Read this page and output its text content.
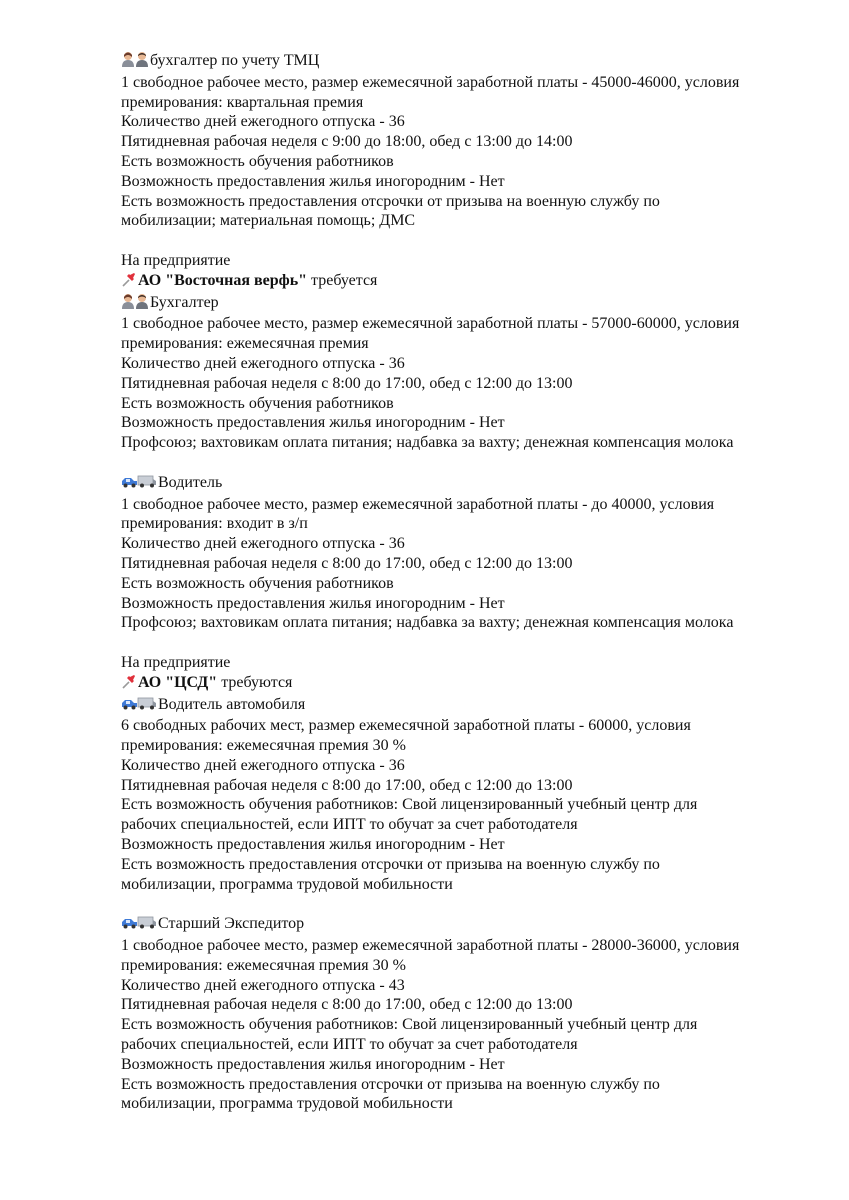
бухгалтер по учету ТМЦ
1 свободное рабочее место, размер ежемесячной заработной платы - 45000-46000, условия
премирования: квартальная премия
Количество дней ежегодного отпуска - 36
Пятидневная рабочая неделя с 9:00 до 18:00, обед с 13:00 до 14:00
Есть возможность обучения работников
Возможность предоставления жилья иногородним - Нет
Есть возможность предоставления отсрочки от призыва на военную службу по
мобилизации; материальная помощь; ДМС
На предприятие
АО "Восточная верфь" требуется
Бухгалтер
1 свободное рабочее место, размер ежемесячной заработной платы - 57000-60000, условия
премирования: ежемесячная премия
Количество дней ежегодного отпуска - 36
Пятидневная рабочая неделя с 8:00 до 17:00, обед с 12:00 до 13:00
Есть возможность обучения работников
Возможность предоставления жилья иногородним - Нет
Профсоюз; вахтовикам оплата питания; надбавка за вахту; денежная компенсация молока
Водитель
1 свободное рабочее место, размер ежемесячной заработной платы - до 40000, условия
премирования: входит в з/п
Количество дней ежегодного отпуска - 36
Пятидневная рабочая неделя с 8:00 до 17:00, обед с 12:00 до 13:00
Есть возможность обучения работников
Возможность предоставления жилья иногородним - Нет
Профсоюз; вахтовикам оплата питания; надбавка за вахту; денежная компенсация молока
На предприятие
АО "ЦСД" требуются
Водитель автомобиля
6 свободных рабочих мест, размер ежемесячной заработной платы - 60000, условия
премирования: ежемесячная премия 30 %
Количество дней ежегодного отпуска - 36
Пятидневная рабочая неделя с 8:00 до 17:00, обед с 12:00 до 13:00
Есть возможность обучения работников: Свой лицензированный учебный центр для
рабочих специальностей, если ИПТ то обучат за счет работодателя
Возможность предоставления жилья иногородним - Нет
Есть возможность предоставления отсрочки от призыва на военную службу по
мобилизации, программа трудовой мобильности
Старший Экспедитор
1 свободное рабочее место, размер ежемесячной заработной платы - 28000-36000, условия
премирования: ежемесячная премия 30 %
Количество дней ежегодного отпуска - 43
Пятидневная рабочая неделя с 8:00 до 17:00, обед с 12:00 до 13:00
Есть возможность обучения работников: Свой лицензированный учебный центр для
рабочих специальностей, если ИПТ то обучат за счет работодателя
Возможность предоставления жилья иногородним - Нет
Есть возможность предоставления отсрочки от призыва на военную службу по
мобилизации, программа трудовой мобильности
